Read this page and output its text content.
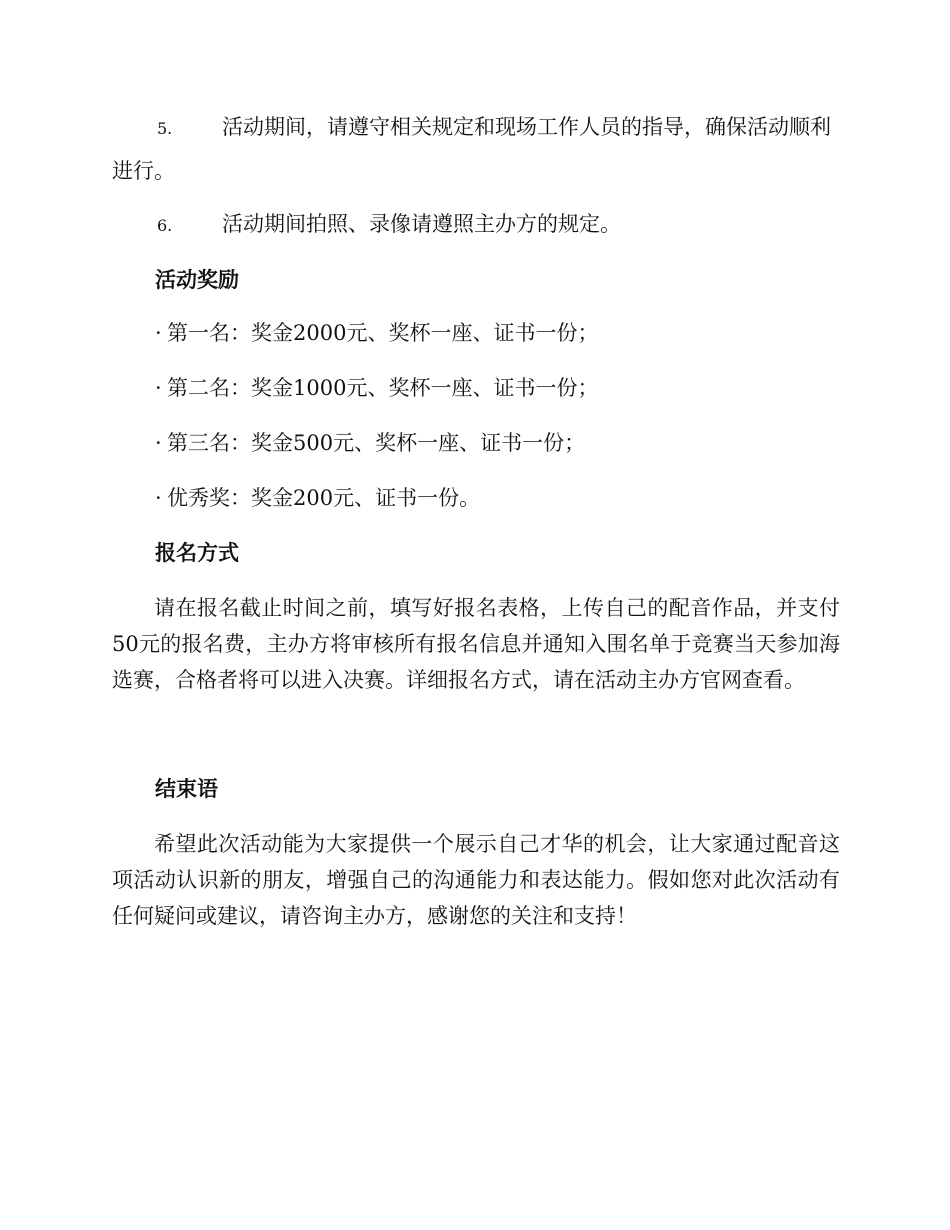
5. 活动期间，请遵守相关规定和现场工作人员的指导，确保活动顺利进行。
6. 活动期间拍照、录像请遵照主办方的规定。
活动奖励
· 第一名：奖金2000元、奖杯一座、证书一份；
· 第二名：奖金1000元、奖杯一座、证书一份；
· 第三名：奖金500元、奖杯一座、证书一份；
· 优秀奖：奖金200元、证书一份。
报名方式
请在报名截止时间之前，填写好报名表格，上传自己的配音作品，并支付50元的报名费，主办方将审核所有报名信息并通知入围名单于竞赛当天参加海选赛，合格者将可以进入决赛。详细报名方式，请在活动主办方官网查看。
结束语
希望此次活动能为大家提供一个展示自己才华的机会，让大家通过配音这项活动认识新的朋友，增强自己的沟通能力和表达能力。假如您对此次活动有任何疑问或建议，请咨询主办方，感谢您的关注和支持！
